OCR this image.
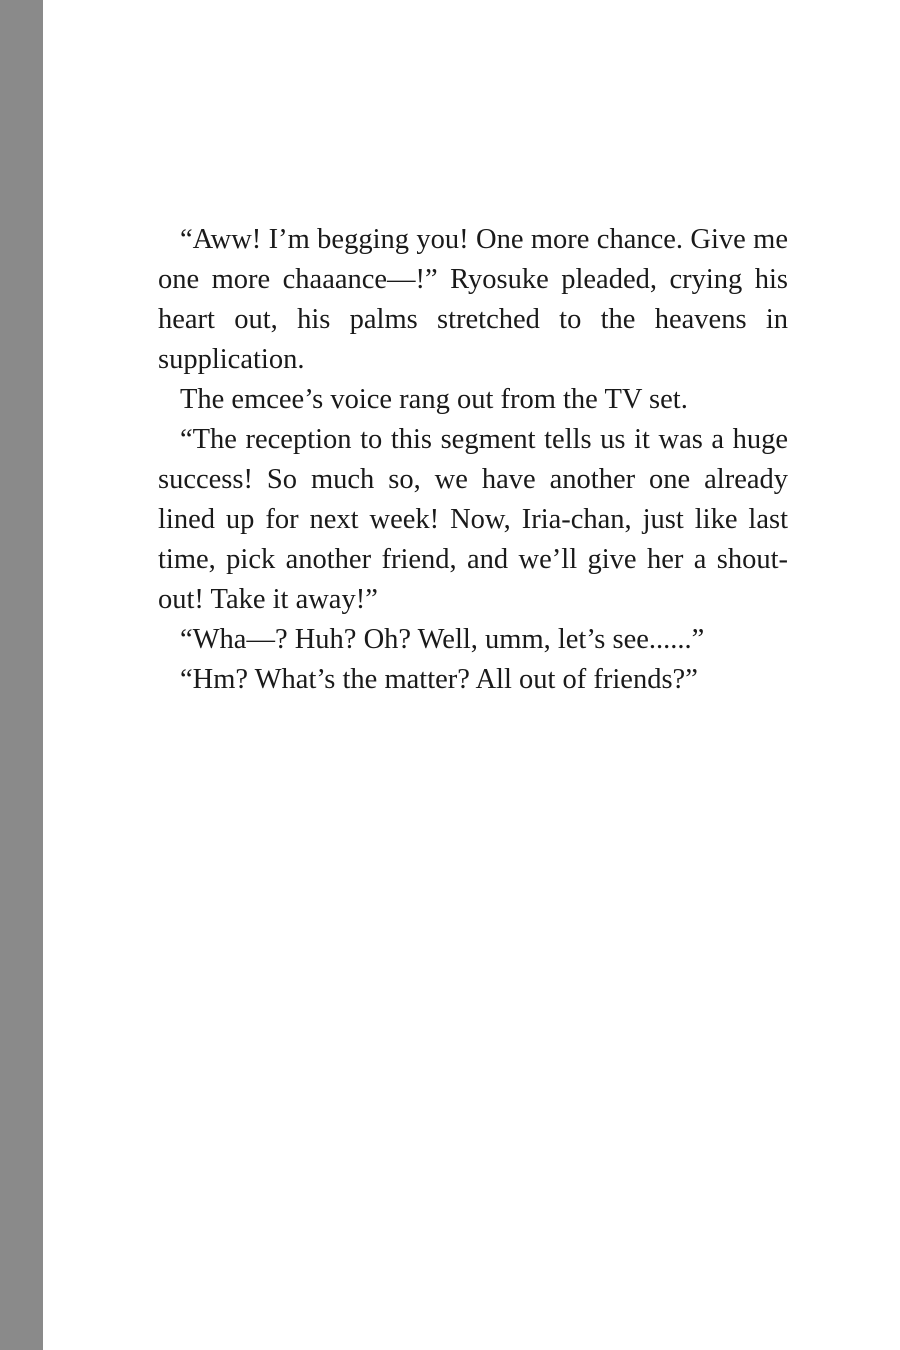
“Aww! I’m begging you! One more chance. Give me one more chaaance—!” Ryosuke pleaded, crying his heart out, his palms stretched to the heavens in supplication.

The emcee’s voice rang out from the TV set.

“The reception to this segment tells us it was a huge success! So much so, we have another one already lined up for next week! Now, Iria-chan, just like last time, pick another friend, and we’ll give her a shout-out! Take it away!”

“Wha—? Huh? Oh? Well, umm, let’s see......”

“Hm? What’s the matter? All out of friends?”
